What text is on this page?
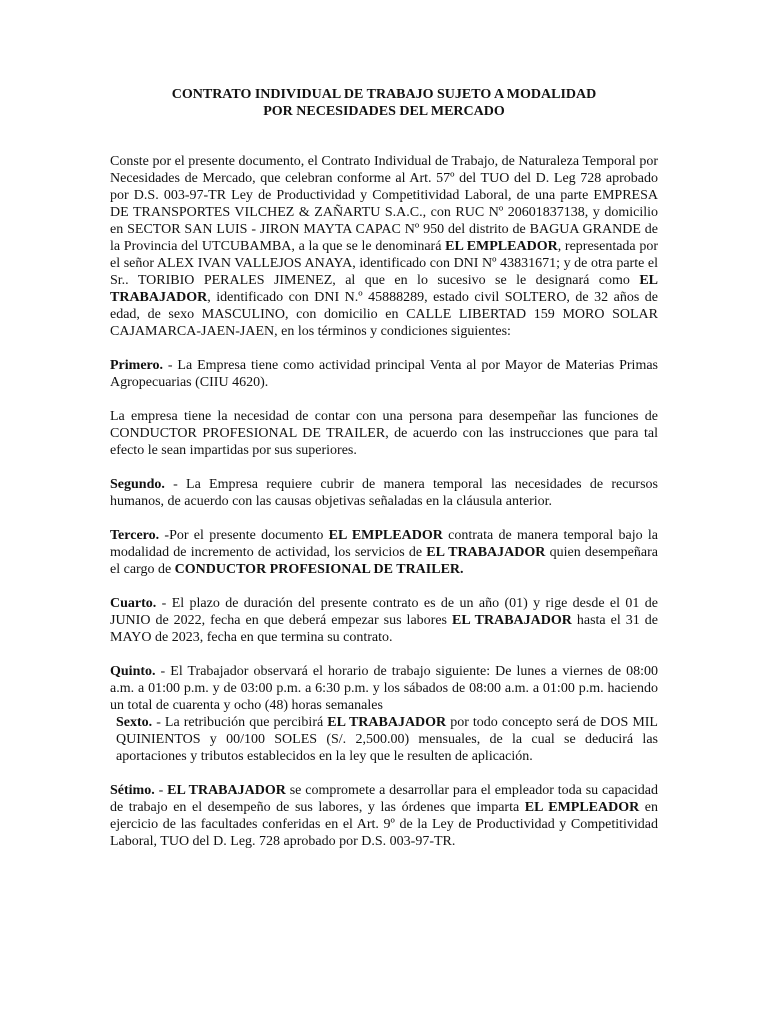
CONTRATO INDIVIDUAL DE TRABAJO SUJETO A MODALIDAD

POR NECESIDADES DEL MERCADO

Conste por el presente documento, el Contrato Individual de Trabajo, de Naturaleza Temporal por Necesidades de Mercado, que celebran conforme al Art. 57º del TUO del D. Leg 728 aprobado por D.S. 003-97-TR Ley de Productividad y Competitividad Laboral, de una parte EMPRESA DE TRANSPORTES VILCHEZ & ZAÑARTU S.A.C., con RUC Nº 20601837138, y domicilio en SECTOR SAN LUIS - JIRON MAYTA CAPAC Nº 950 del distrito de BAGUA GRANDE de la Provincia del UTCUBAMBA, a la que se le denominará EL EMPLEADOR, representada por el señor ALEX IVAN VALLEJOS ANAYA, identificado con DNI Nº 43831671; y de otra parte el Sr.. TORIBIO PERALES JIMENEZ, al que en lo sucesivo se le designará como EL TRABAJADOR, identificado con DNI N.º 45888289, estado civil SOLTERO, de 32 años de edad, de sexo MASCULINO, con domicilio en CALLE LIBERTAD 159 MORO SOLAR CAJAMARCA-JAEN-JAEN, en los términos y condiciones siguientes:

Primero. - La Empresa tiene como actividad principal Venta al por Mayor de Materias Primas Agropecuarias (CIIU 4620).

La empresa tiene la necesidad de contar con una persona para desempeñar las funciones de CONDUCTOR PROFESIONAL DE TRAILER, de acuerdo con las instrucciones que para tal efecto le sean impartidas por sus superiores.

Segundo. - La Empresa requiere cubrir de manera temporal las necesidades de recursos humanos, de acuerdo con las causas objetivas señaladas en la cláusula anterior.

Tercero. -Por el presente documento EL EMPLEADOR contrata de manera temporal bajo la modalidad de incremento de actividad, los servicios de EL TRABAJADOR quien desempeñara el cargo de CONDUCTOR PROFESIONAL DE TRAILER.

Cuarto. - El plazo de duración del presente contrato es de un año (01) y rige desde el 01 de JUNIO de 2022, fecha en que deberá empezar sus labores EL TRABAJADOR hasta el 31 de MAYO de 2023, fecha en que termina su contrato.

Quinto. - El Trabajador observará el horario de trabajo siguiente: De lunes a viernes de 08:00 a.m. a 01:00 p.m. y de 03:00 p.m. a 6:30 p.m. y los sábados de 08:00 a.m. a 01:00 p.m. haciendo un total de cuarenta y ocho (48) horas semanales

Sexto. - La retribución que percibirá EL TRABAJADOR por todo concepto será de DOS MIL QUINIENTOS y 00/100 SOLES (S/. 2,500.00) mensuales, de la cual se deducirá las aportaciones y tributos establecidos en la ley que le resulten de aplicación.

Sétimo. - EL TRABAJADOR se compromete a desarrollar para el empleador toda su capacidad de trabajo en el desempeño de sus labores, y las órdenes que imparta EL EMPLEADOR en ejercicio de las facultades conferidas en el Art. 9º de la Ley de Productividad y Competitividad Laboral, TUO del D. Leg. 728 aprobado por D.S. 003-97-TR.
